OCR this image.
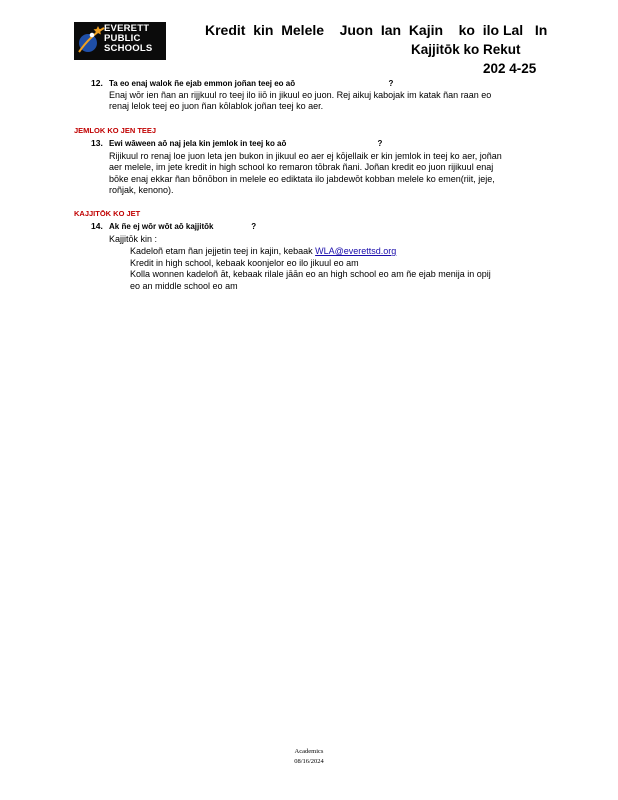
EVERETT
PUBLIC
SCHOOLS
Kredit  kin  Melele    Juon  Ian  Kajin    ko  ilo Lal   In
Kajjitōk ko Rekut
202 4-25
12. Ta eo enaj walok ñe ejab emmon joñan teej eo aō                                          ?
Enaj wōr ien ñan an rijjkuul ro teej ilo iiō in jikuul eo juon. Rej aikuj kabojak im katak ñan raan eo renaj lelok teej eo juon ñan kōlablok joñan teej ko aer.
JEMLOK KO JEN TEEJ
13. Ewi wāween aō naj jela kin jemlok in teej ko aō                                         ?
Rijikuul ro renaj loe juon leta jen bukon in jikuul eo aer ej kōjellaik er kin jemlok in teej ko aer, joñan aer melele, im jete kredit in high school ko remaron tōbrak ñani. Joñan kredit eo juon rijikuul enaj bōke enaj ekkar ñan bōnōbon in melele eo ediktata ilo jabdewōt kobban melele ko emen(riit, jeje, roñjak, kenono).
KAJJITŌK KO JET
14. Ak ñe ej wōr wōt aō kajjitōk                 ?
Kajjitōk kin :
Kadeloñ etam ñan jejjetin teej in kajin, kebaak WLA@everettsd.org
Kredit in high school, kebaak koonjelor eo ilo jikuul eo am
Kolla wonnen kadeloñ āt, kebaak rilale jāān eo an high school eo am ñe ejab menija in opij eo an middle school eo am
Academics
08/16/2024
